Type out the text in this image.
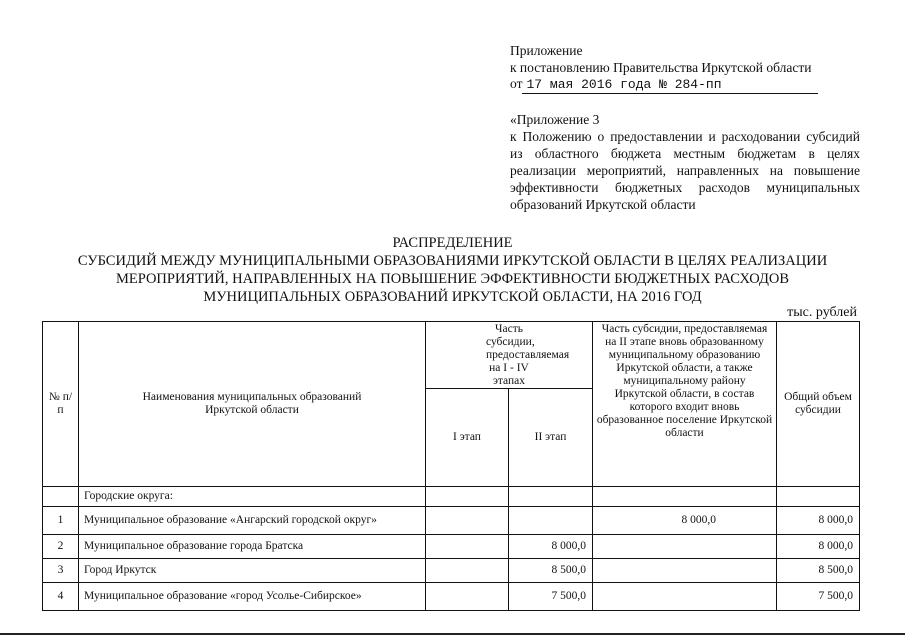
Приложение
к постановлению Правительства Иркутской области
от 17 мая 2016 года № 284-пп
«Приложение 3
к Положению о предоставлении и расходовании субсидий из областного бюджета местным бюджетам в целях реализации мероприятий, направленных на повышение эффективности бюджетных расходов муниципальных образований Иркутской области
РАСПРЕДЕЛЕНИЕ
СУБСИДИЙ МЕЖДУ МУНИЦИПАЛЬНЫМИ ОБРАЗОВАНИЯМИ ИРКУТСКОЙ ОБЛАСТИ В ЦЕЛЯХ РЕАЛИЗАЦИИ
МЕРОПРИЯТИЙ, НАПРАВЛЕННЫХ НА ПОВЫШЕНИЕ ЭФФЕКТИВНОСТИ БЮДЖЕТНЫХ РАСХОДОВ
МУНИЦИПАЛЬНЫХ ОБРАЗОВАНИЙ ИРКУТСКОЙ ОБЛАСТИ, НА 2016 ГОД
тыс. рублей
№ п/п	Наименования муниципальных образований Иркутской области	Часть субсидии, предоставляемая на I - IV этапах		Часть субсидии, предоставляемая на II этапе вновь образованному муниципальному образованию Иркутской области, а также муниципальному району Иркутской области, в состав которого входит вновь образованное поселение Иркутской области	Общий объем субсидии
		I этап	II этап		
	Городские округа:				
1	Муниципальное образование «Ангарский городской округ»			8 000,0	8 000,0
2	Муниципальное образование города Братска		8 000,0		8 000,0
3	Город Иркутск		8 500,0		8 500,0
4	Муниципальное образование «город Усолье-Сибирское»		7 500,0		7 500,0
